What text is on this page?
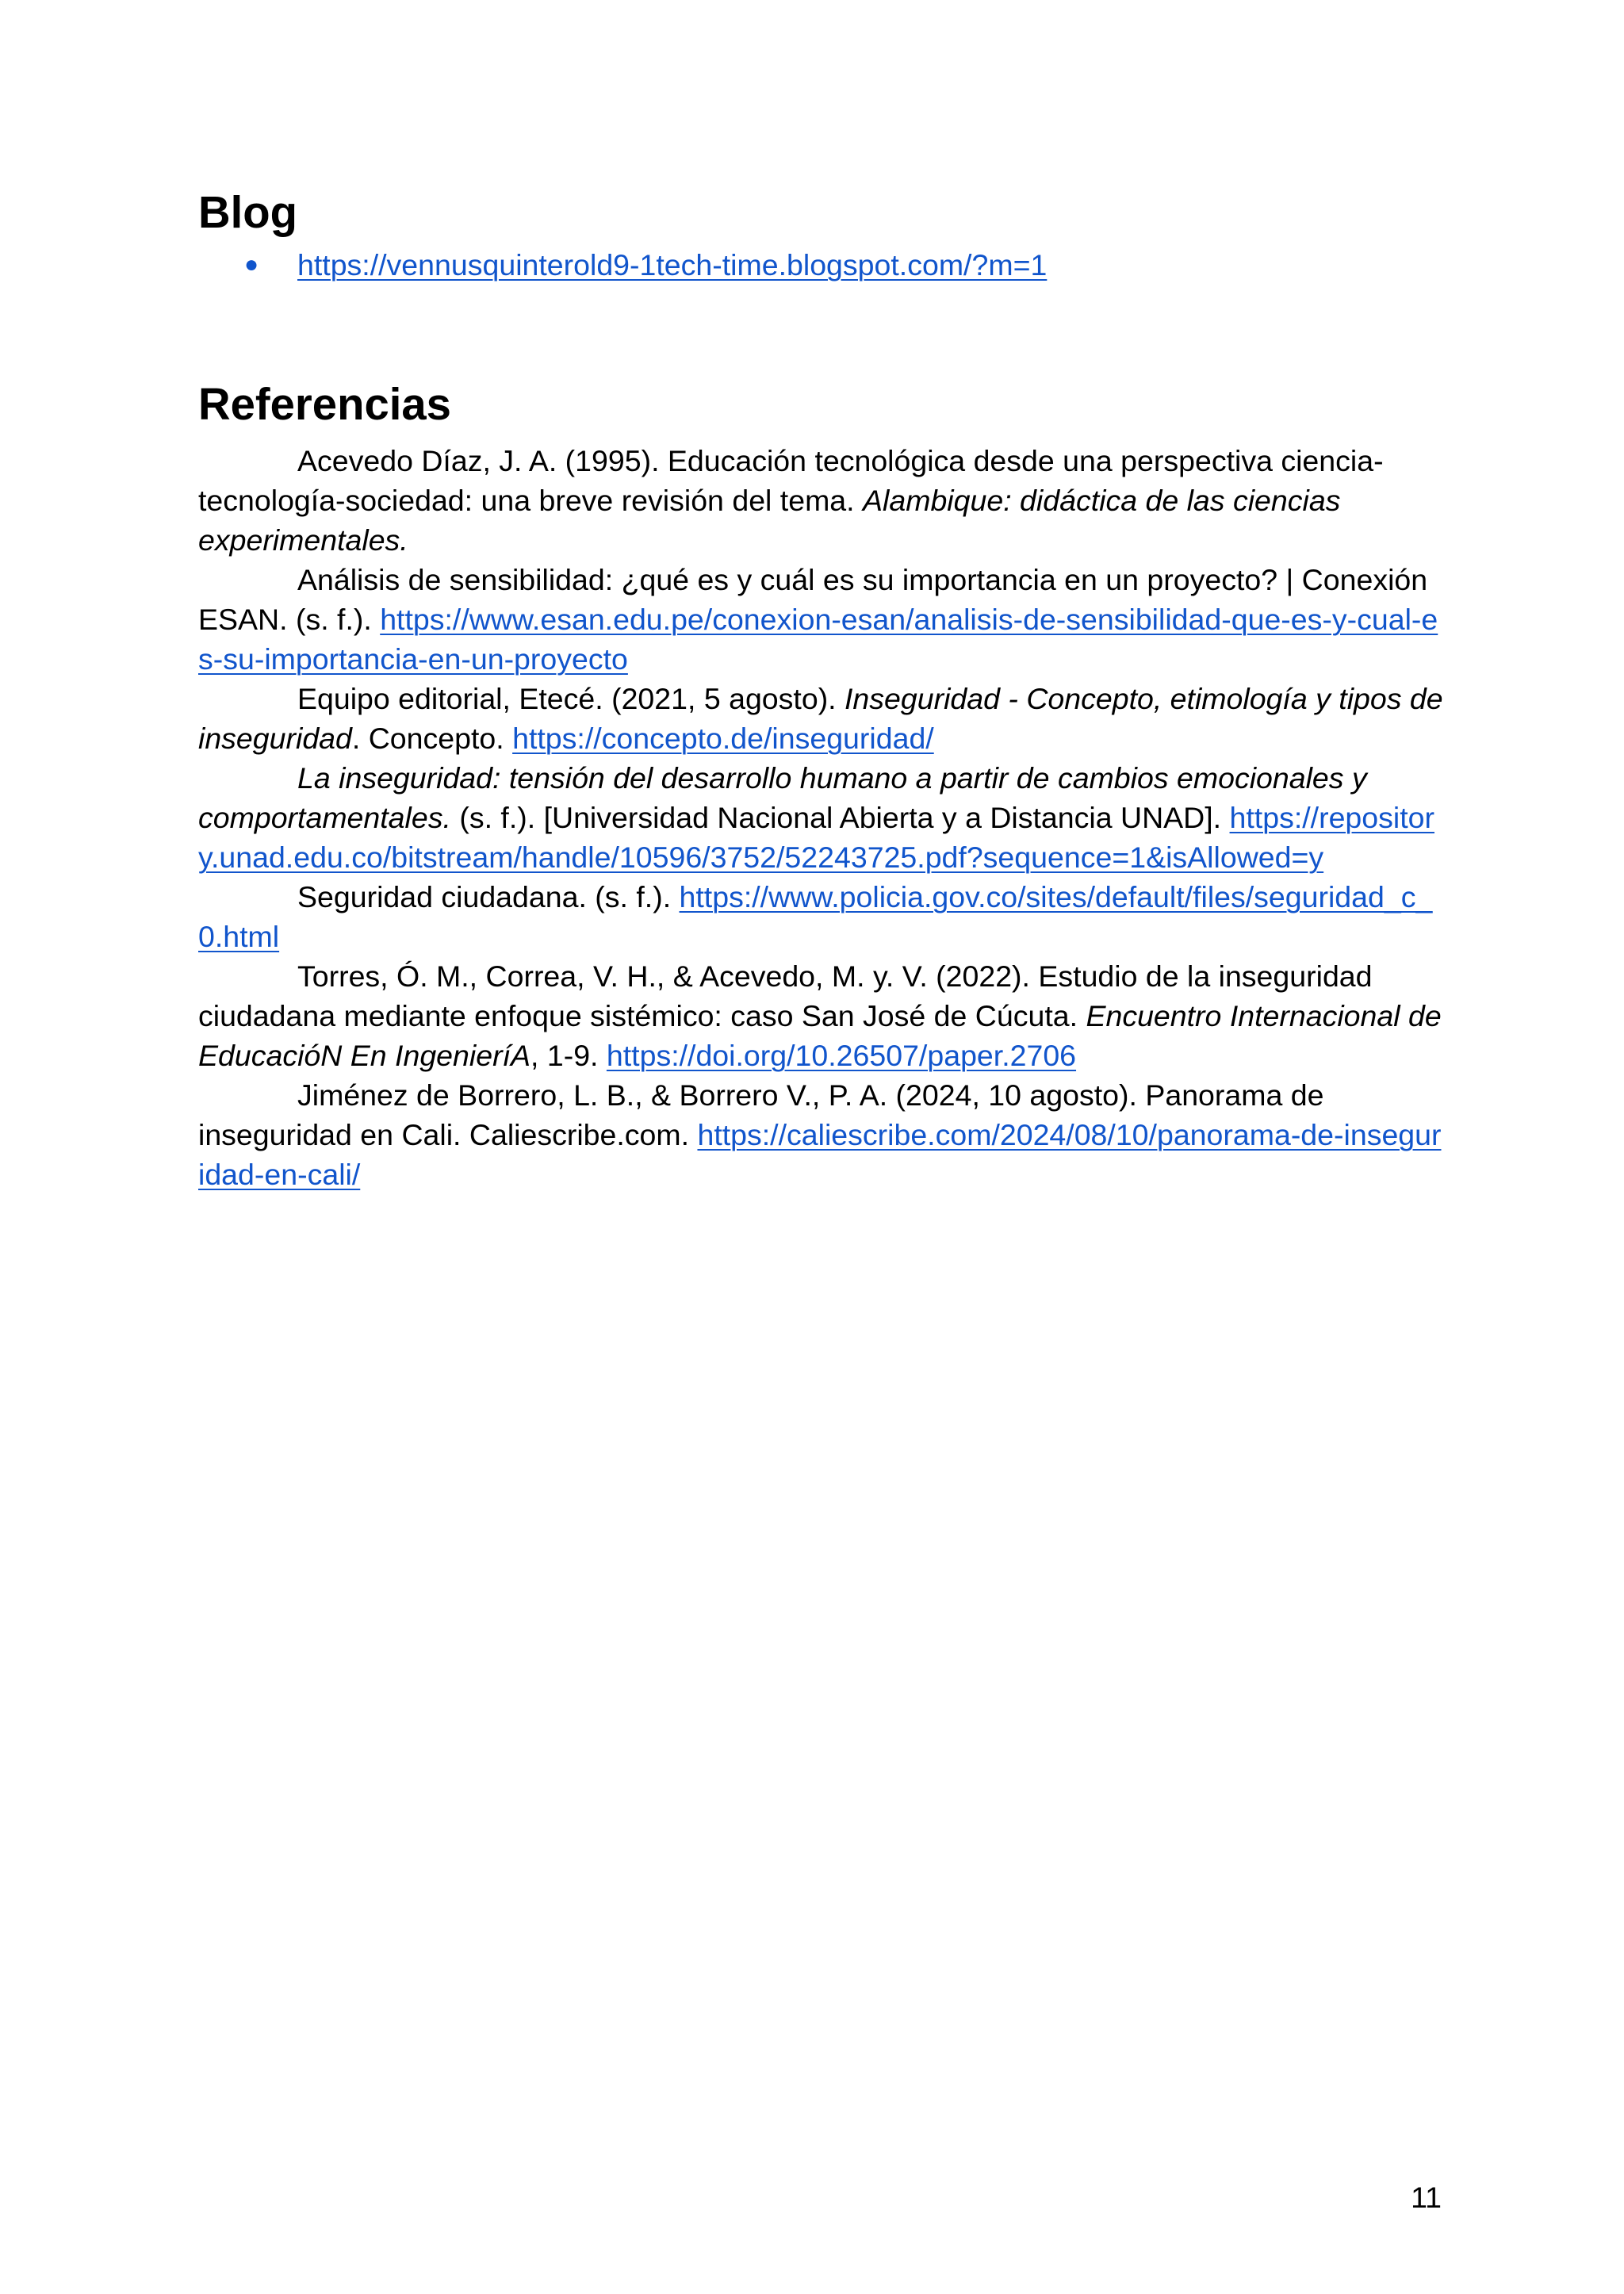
Blog
● https://vennusquinterold9-1tech-time.blogspot.com/?m=1
Referencias

Acevedo Díaz, J. A. (1995). Educación tecnológica desde una perspectiva ciencia-tecnología-sociedad: una breve revisión del tema. Alambique: didáctica de las ciencias experimentales.

Análisis de sensibilidad: ¿qué es y cuál es su importancia en un proyecto? | Conexión ESAN. (s. f.). https://www.esan.edu.pe/conexion-esan/analisis-de-sensibilidad-que-es-y-cual-es-su-importancia-en-un-proyecto

Equipo editorial, Etecé. (2021, 5 agosto). Inseguridad - Concepto, etimología y tipos de inseguridad. Concepto. https://concepto.de/inseguridad/

La inseguridad: tensión del desarrollo humano a partir de cambios emocionales y comportamentales. (s. f.). [Universidad Nacional Abierta y a Distancia UNAD]. https://repository.unad.edu.co/bitstream/handle/10596/3752/52243725.pdf?sequence=1&isAllowed=y

Seguridad ciudadana. (s. f.). https://www.policia.gov.co/sites/default/files/seguridad_c_0.html

Torres, Ó. M., Correa, V. H., & Acevedo, M. y. V. (2022). Estudio de la inseguridad ciudadana mediante enfoque sistémico: caso San José de Cúcuta. Encuentro Internacional de EducacióN En IngenieríA, 1-9. https://doi.org/10.26507/paper.2706

Jiménez de Borrero, L. B., & Borrero V., P. A. (2024, 10 agosto). Panorama de inseguridad en Cali. Caliescribe.com. https://caliescribe.com/2024/08/10/panorama-de-inseguridad-en-cali/

11
